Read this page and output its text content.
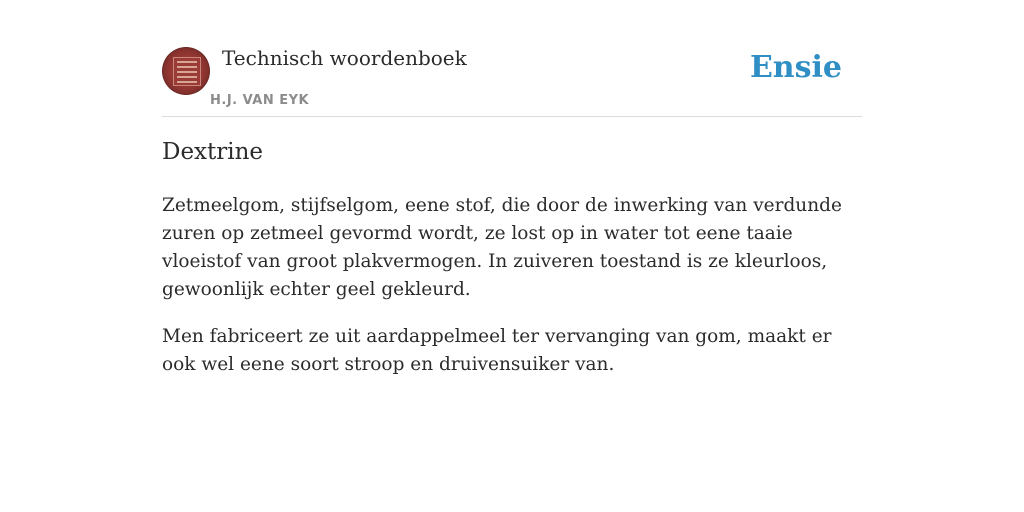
Technisch woordenboek
H.J. VAN EYK
Ensie
Dextrine

Zetmeelgom, stijfselgom, eene stof, die door de inwerking van verdunde zuren op zetmeel gevormd wordt, ze lost op in water tot eene taaie vloeistof van groot plakvermogen. In zuiveren toestand is ze kleurloos, gewoonlijk echter geel gekleurd.

Men fabriceert ze uit aardappelmeel ter vervanging van gom, maakt er ook wel eene soort stroop en druivensuiker van.
